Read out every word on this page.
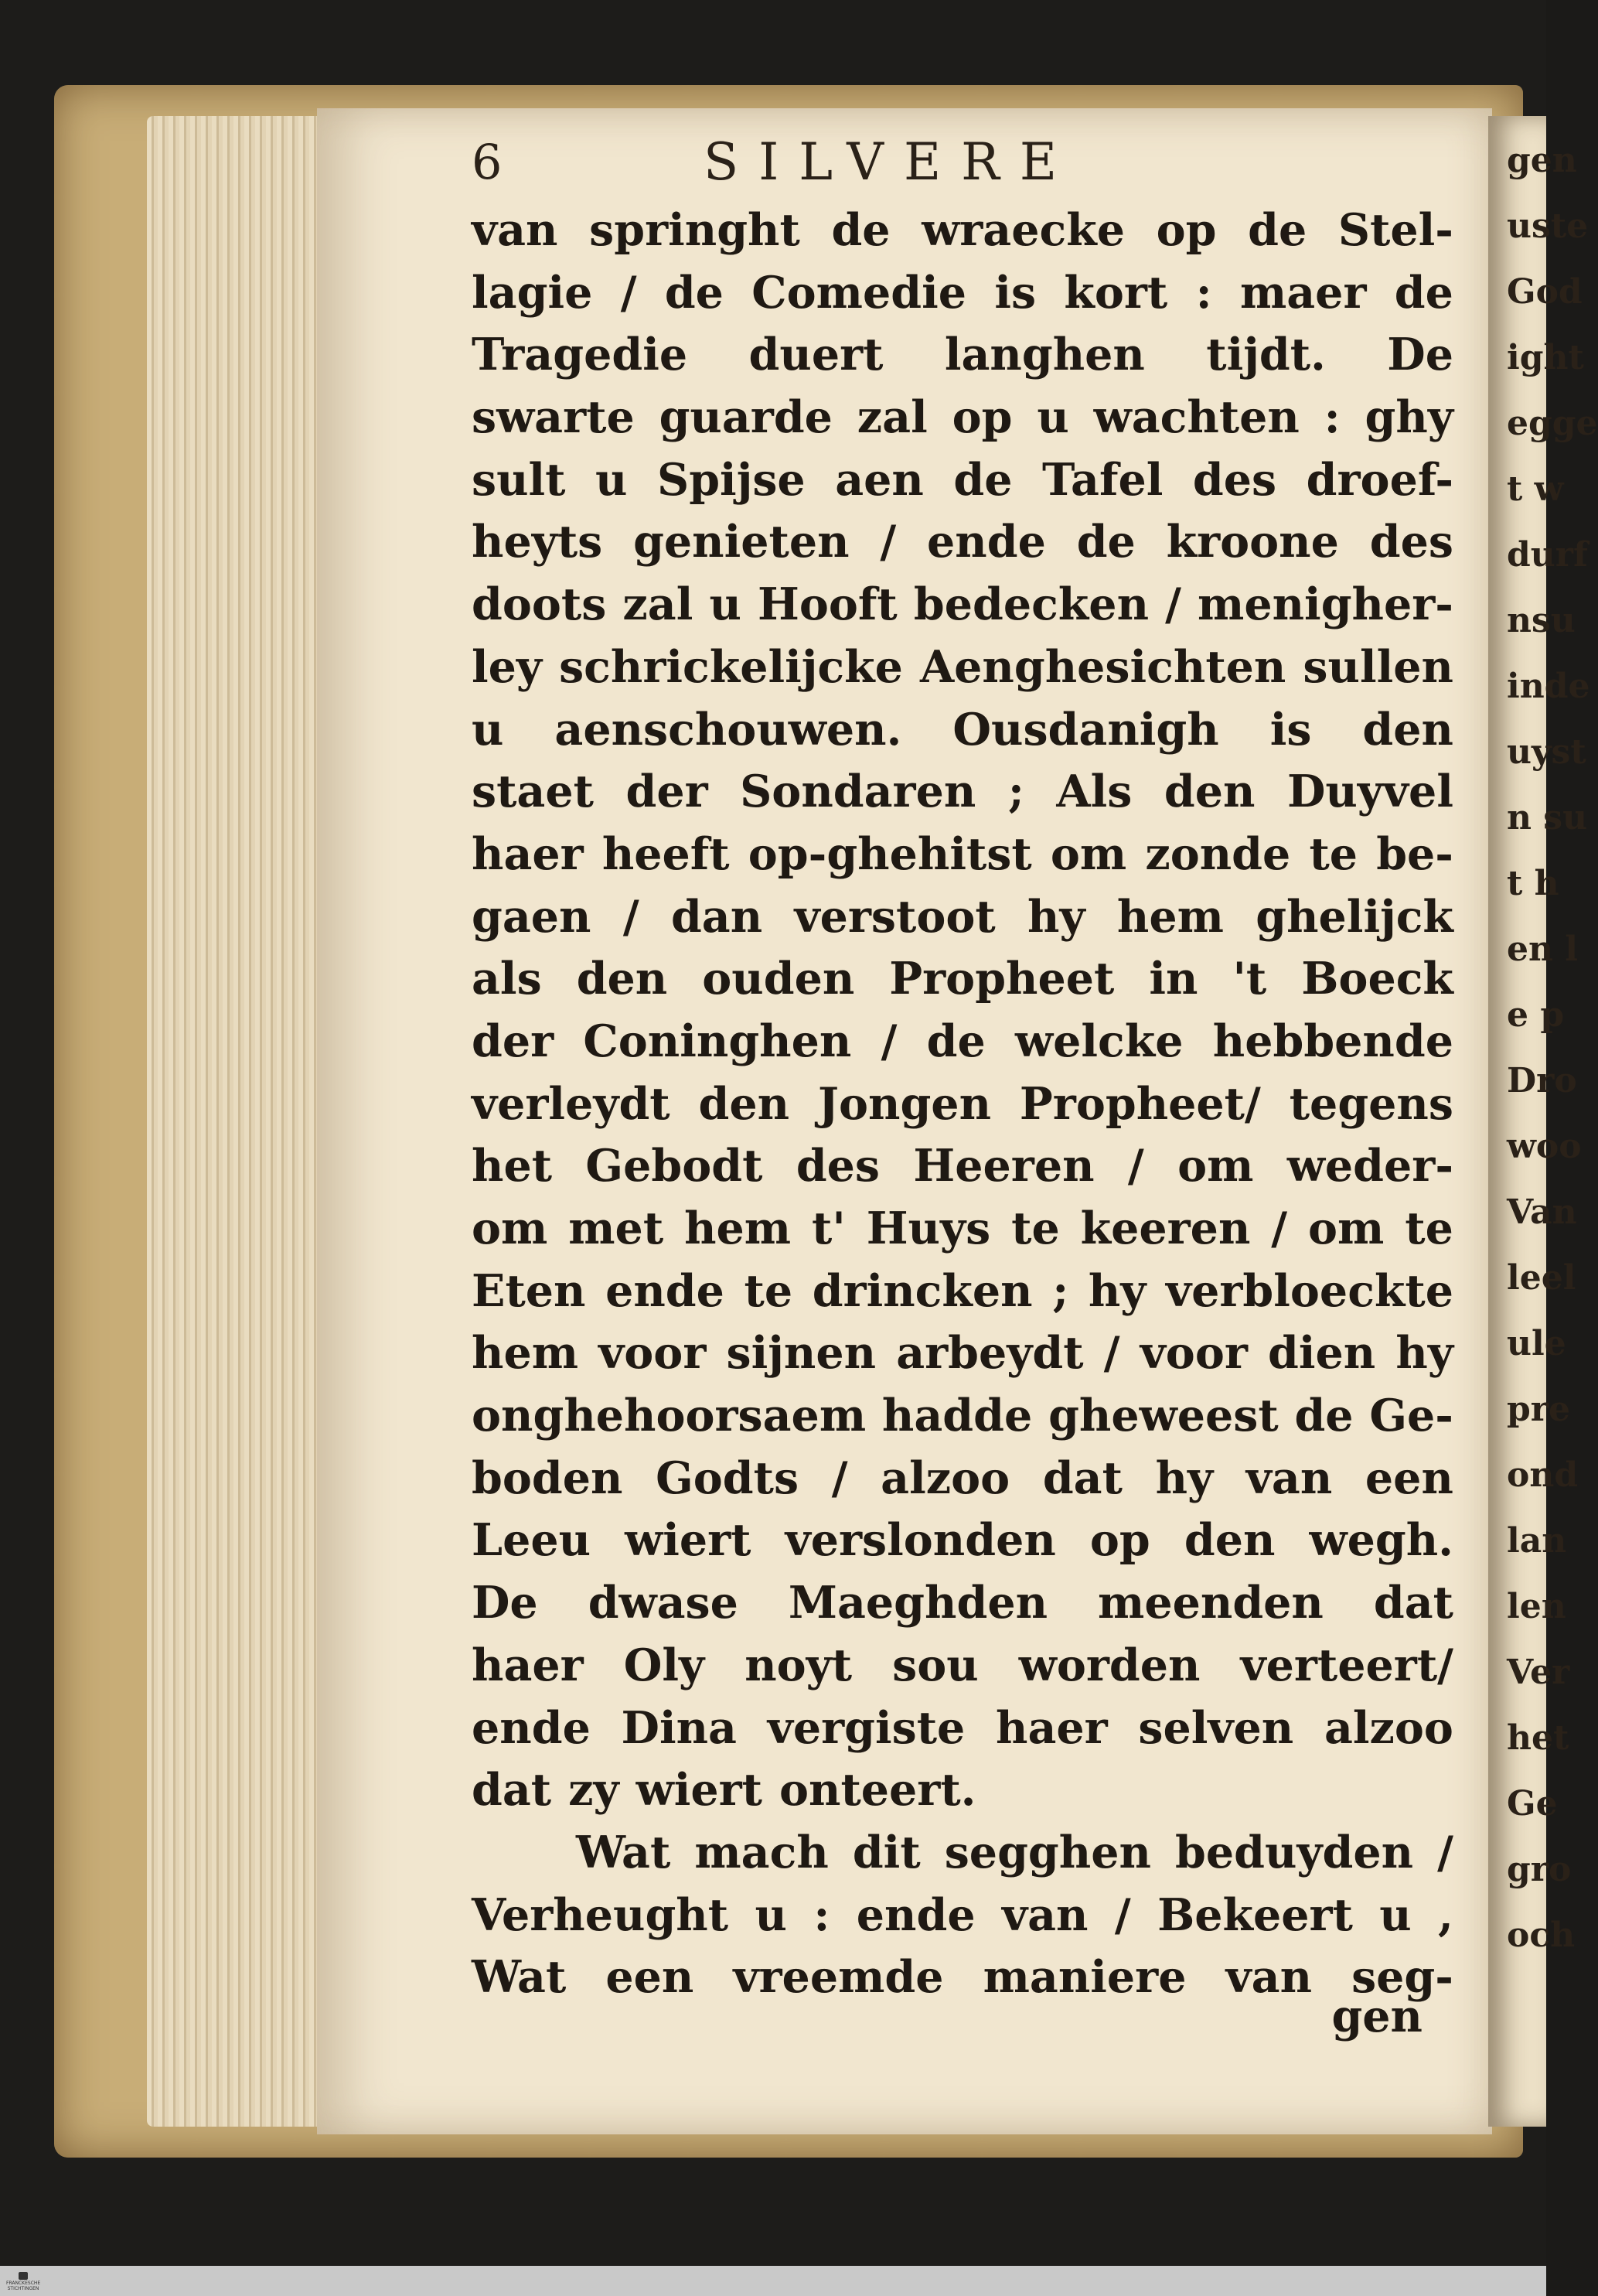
gen
uste
God
ight
egge
t w
durf
nsu
inde
uyst
n su
t h
en l
e p
Dro
woo
Van
leel
ule
pre
ond
lan
len
Ver
het
Ge
gro
och
6	SILVERE
van springht de wraecke op de Stel-
lagie / de Comedie is kort : maer de
Tragedie duert langhen tijdt. De
swarte guarde zal op u wachten : ghy
sult u Spijse aen de Tafel des droef-
heyts genieten / ende de kroone des
doots zal u Hooft bedecken / menigher-
ley schrickelijcke Aenghesichten sullen
u aenschouwen. Ousdanigh is den
staet der Sondaren ; Als den Duyvel
haer heeft op-ghehitst om zonde te be-
gaen / dan verstoot hy hem ghelijck
als den ouden Propheet in 't Boeck
der Coninghen / de welcke hebbende
verleydt den Jongen Propheet/ tegens
het Gebodt des Heeren / om weder-
om met hem t' Huys te keeren / om te
Eten ende te drincken ; hy verbloeckte
hem voor sijnen arbeydt / voor dien hy
onghehoorsaem hadde gheweest de Ge-
boden Godts / alzoo dat hy van een
Leeu wiert verslonden op den wegh.
De dwase Maeghden meenden dat
haer Oly noyt sou worden verteert/
ende Dina vergiste haer selven alzoo
dat zy wiert onteert.
Wat mach dit segghen beduyden /
Verheught u : ende van / Bekeert u ,
Wat een vreemde maniere van seg-
gen
FRANCKESCHE
STICHTINGEN
